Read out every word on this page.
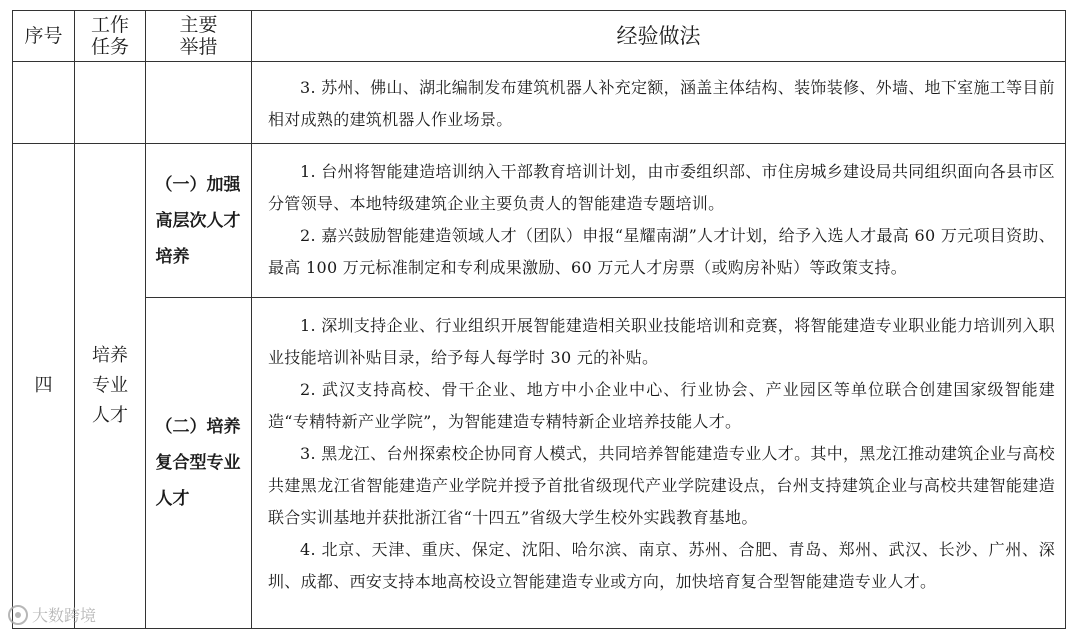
序号	工作任务
主要举措	经验做法

3. 苏州、佛山、湖北编制发布建筑机器人补充定额，涵盖主体结构、装饰装修、外墙、地下室施工等目前相对成熟的建筑机器人作业场景。

四
培养专业人才
（一）加强高层次人才培养
（二）培养复合型专业人才

1. 台州将智能建造培训纳入干部教育培训计划，由市委组织部、市住房城乡建设局共同组织面向各县市区分管领导、本地特级建筑企业主要负责人的智能建造专题培训。

2. 嘉兴鼓励智能建造领域人才（团队）申报“星耀南湖”人才计划，给予入选人才最高 60 万元项目资助、最高 100 万元标准制定和专利成果激励、60 万元人才房票（或购房补贴）等政策支持。

1. 深圳支持企业、行业组织开展智能建造相关职业技能培训和竞赛，将智能建造专业职业能力培训列入职业技能培训补贴目录，给予每人每学时 30 元的补贴。

2. 武汉支持高校、骨干企业、地方中小企业中心、行业协会、产业园区等单位联合创建国家级智能建造“专精特新产业学院”，为智能建造专精特新企业培养技能人才。

3. 黑龙江、台州探索校企协同育人模式，共同培养智能建造专业人才。其中，黑龙江推动建筑企业与高校共建黑龙江省智能建造产业学院并授予首批省级现代产业学院建设点，台州支持建筑企业与高校共建智能建造联合实训基地并获批浙江省“十四五”省级大学生校外实践教育基地。

4. 北京、天津、重庆、保定、沈阳、哈尔滨、南京、苏州、合肥、青岛、郑州、武汉、长沙、广州、深圳、成都、西安支持本地高校设立智能建造专业或方向，加快培育复合型智能建造专业人才。

大数跨境
